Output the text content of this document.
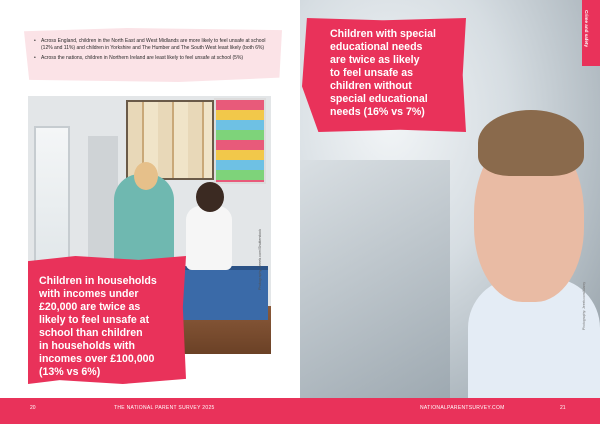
• Across England, children in the North East and West Midlands are more likely to feel unsafe at school (12% and 11%) and children in Yorkshire and The Humber and The South West least likely (both 6%)
• Across the nations, children in Northern Ireland are least likely to feel unsafe at school (5%)
Photography: Jeeeb.com/Shutterstock
Children in households
with incomes under
£20,000 are twice as
likely to feel unsafe at
school than children
in households with
incomes over £100,000
(13% vs 6%)
Children with special
educational needs
are twice as likely
to feel unsafe as
children without
special educational
needs (16% vs 7%)
Crime and safety
Photography: Jeeeb.com/Alamy
20	THE NATIONAL PARENT SURVEY 2025	NATIONALPARENTSURVEY.COM	21
